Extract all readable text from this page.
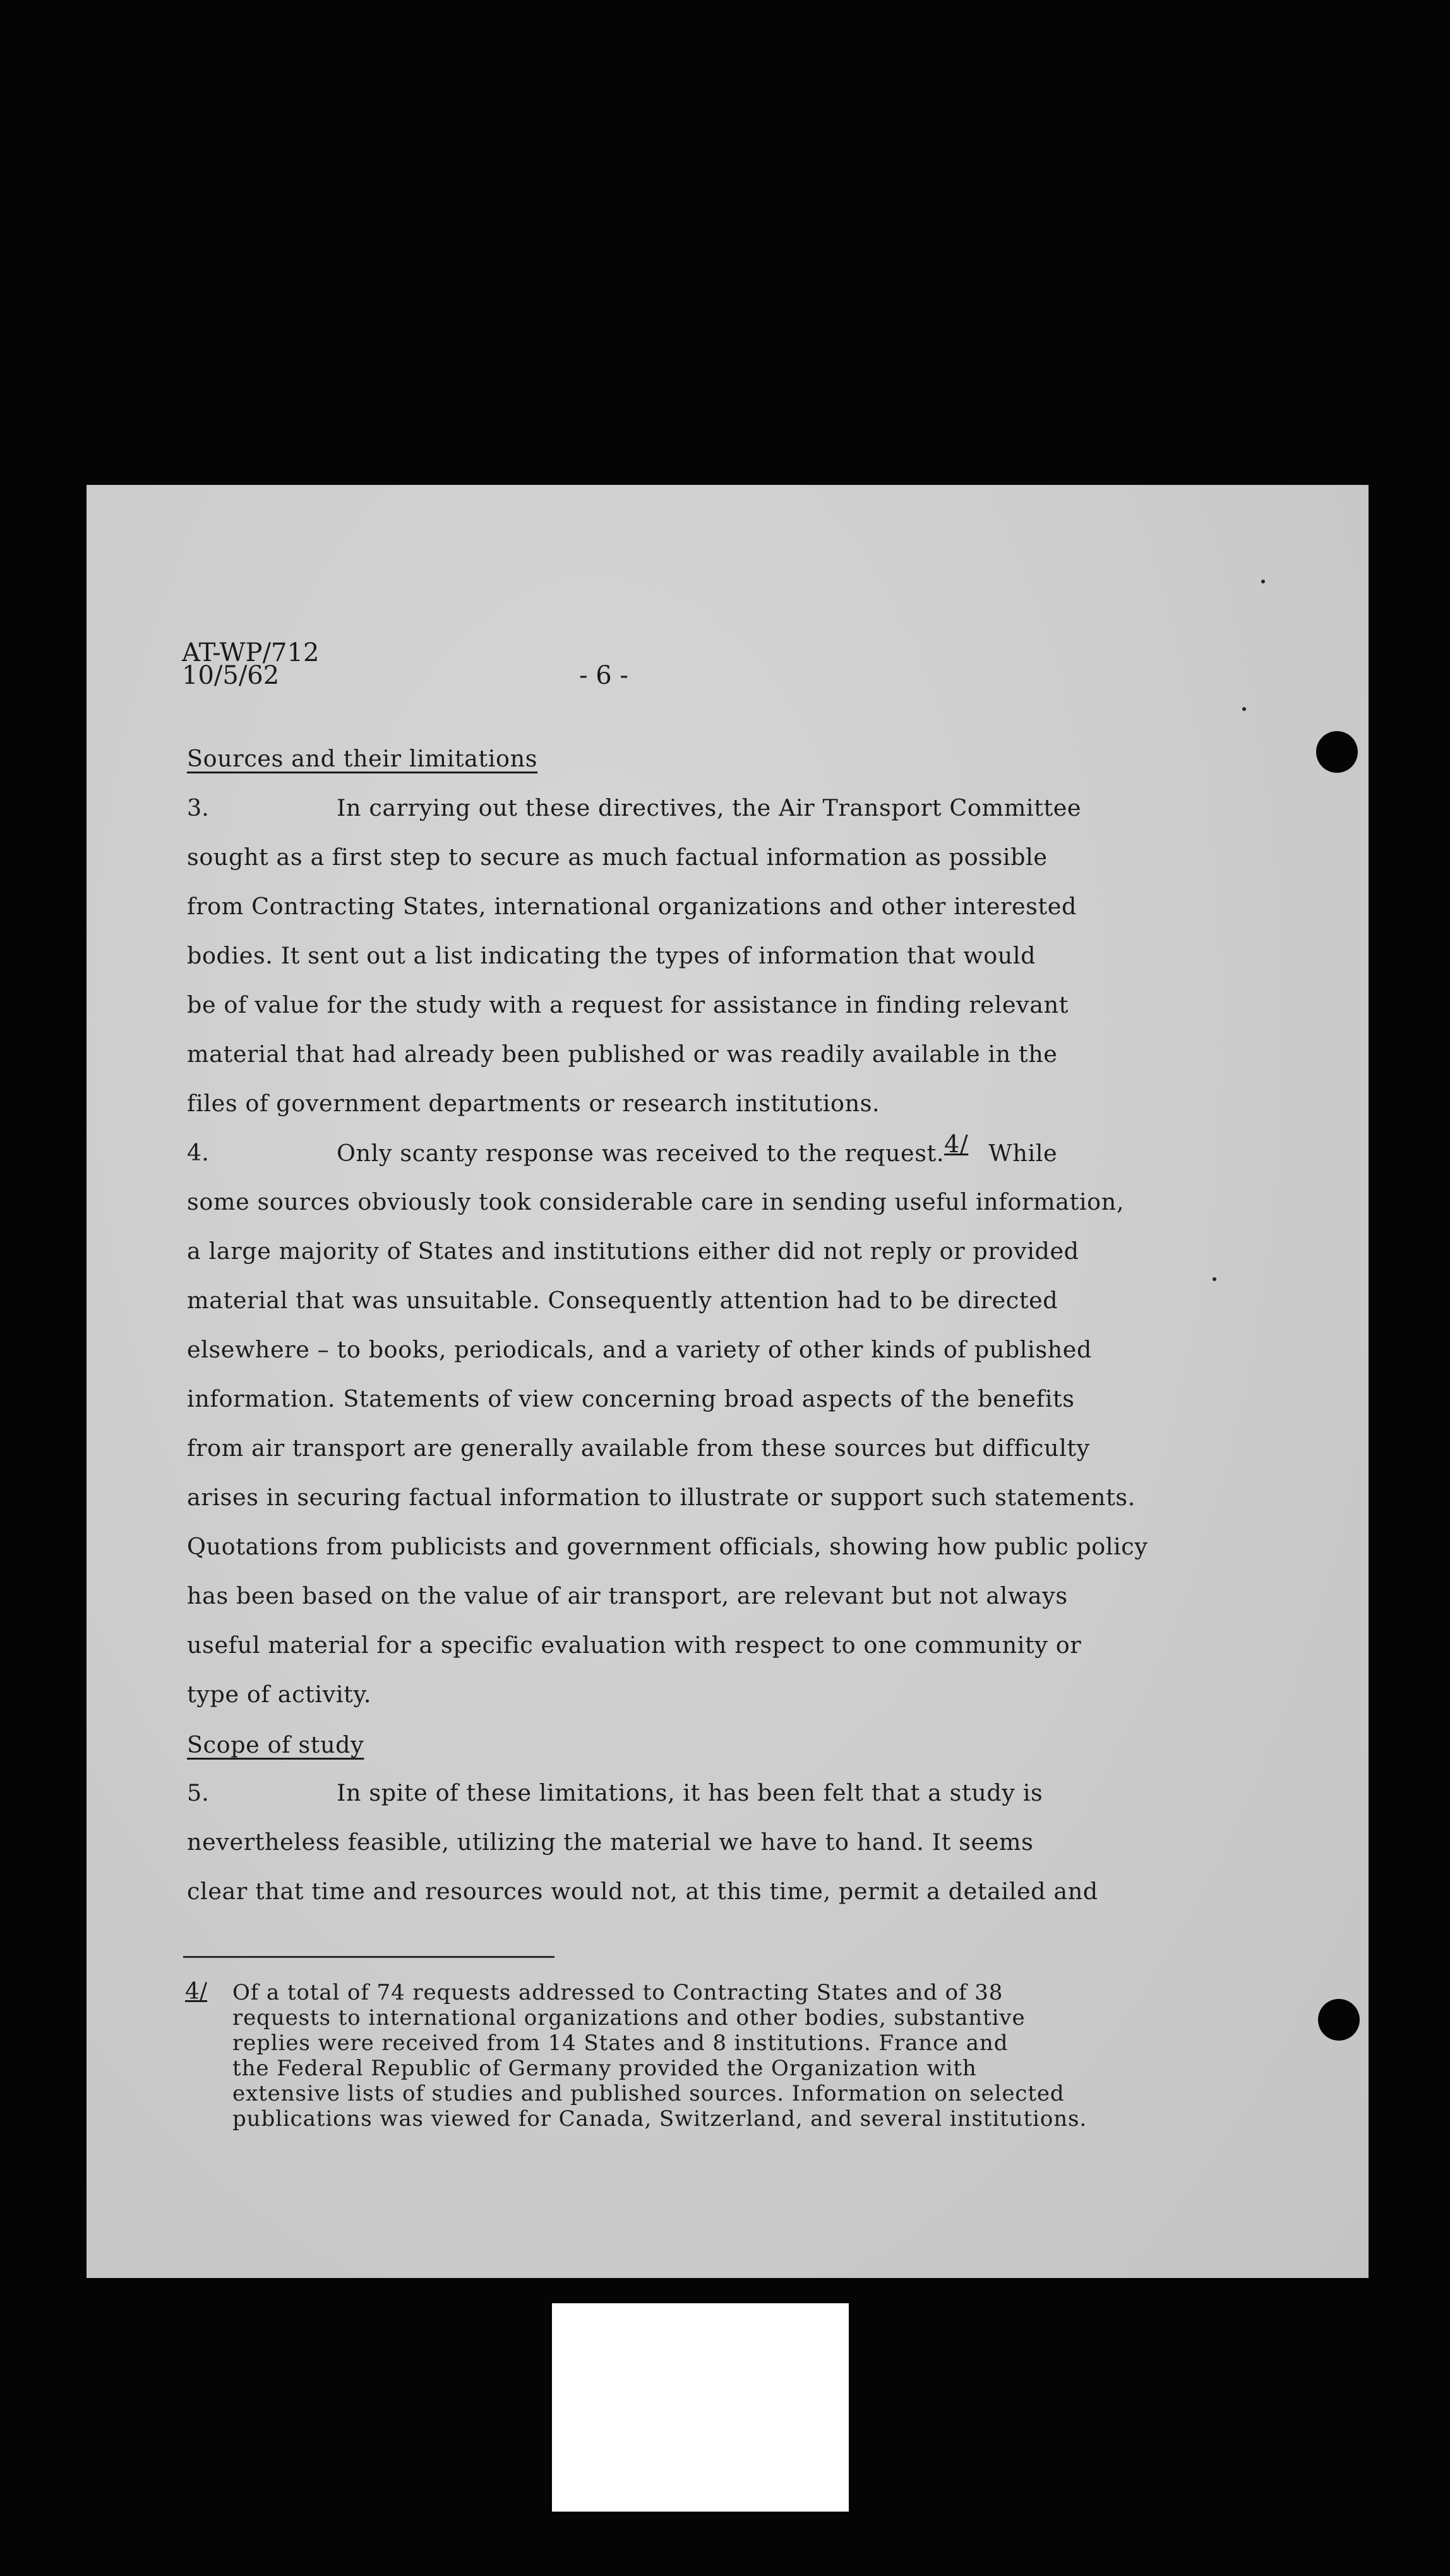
AT-WP/712
10/5/62	- 6 -
Sources and their limitations
3.	In carrying out these directives, the Air Transport Committee
sought as a first step to secure as much factual information as possible
from Contracting States, international organizations and other interested
bodies. It sent out a list indicating the types of information that would
be of value for the study with a request for assistance in finding relevant
material that had already been published or was readily available in the
files of government departments or research institutions.
4.	Only scanty response was received to the request.4/ While
some sources obviously took considerable care in sending useful information,
a large majority of States and institutions either did not reply or provided
material that was unsuitable. Consequently attention had to be directed
elsewhere – to books, periodicals, and a variety of other kinds of published
information. Statements of view concerning broad aspects of the benefits
from air transport are generally available from these sources but difficulty
arises in securing factual information to illustrate or support such statements.
Quotations from publicists and government officials, showing how public policy
has been based on the value of air transport, are relevant but not always
useful material for a specific evaluation with respect to one community or
type of activity.
Scope of study
5.	In spite of these limitations, it has been felt that a study is
nevertheless feasible, utilizing the material we have to hand. It seems
clear that time and resources would not, at this time, permit a detailed and
4/ Of a total of 74 requests addressed to Contracting States and of 38
requests to international organizations and other bodies, substantive
replies were received from 14 States and 8 institutions. France and
the Federal Republic of Germany provided the Organization with
extensive lists of studies and published sources. Information on selected
publications was viewed for Canada, Switzerland, and several institutions.
